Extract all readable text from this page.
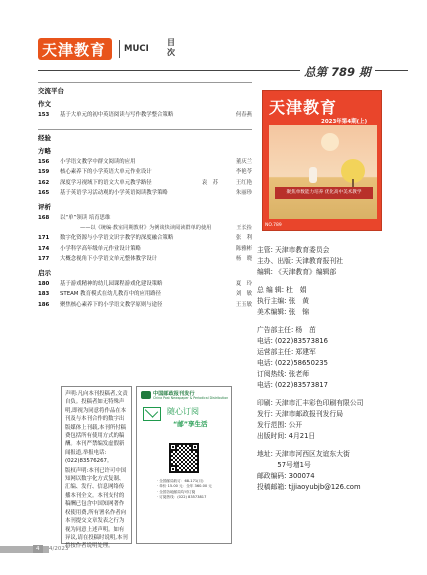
天津教育 MUCI
目
次
总第 789 期
交流平台
作文
153	基于大单元的初中英语阅读与写作教学整合策略	何春燕
经验
方略
156	小学语文教学中群文阅读的应用	董庆兰
159	核心素养下的小学英语大单元作业设计	李艳苓
162	深度学习视域下的语文大单元教学路径	袁　苏	王红艳
165	基于英语学习活动观的小学英语阅读教学策略	朱丽珍
评析
168	以“单”领读 培育思维
——以《统编·教室同期教材》为例谈快读阅读群单的使用	王长捡
171	数字化资源与小学语文识字教学的深度融合策略	张　利
174	小学科学高年级单元作业设计策略	陈雅彬
177	大概念视角下小学语文单元整体教学设计	杨　晓
启示
180	基于游戏精神的幼儿园课程游戏化建设策略	夏　玲
183	STEAM 教育模式在幼儿教育中的应用路径	刘　敏
186	聚焦核心素养下的小学语文教学原则与途径	王玉敏
天津教育
2023年第4期(上)
聚焦单数能力培养 优化高中美术教学
NO.789
主管: 天津市教育委员会
主办、出版: 天津教育报刊社
编辑: 《天津教育》编辑部
总 编 辑: 杜　娟
执行主编: 张　黄
美术编辑: 张　锦
广告部主任: 杨　茁
电话: (022)83573816
运营部主任: 郑建军
电话: (022)58650235
订阅热线: 张老师
电话: (022)83573817
印刷: 天津市汇丰彩色印刷有限公司
发行: 天津市邮政报刊发行局
发行范围: 公开
出版时间: 4月21日
地址: 天津市河西区友谊东大街
　　　57号增1号
邮政编码: 300074
投稿邮箱: tjjiaoyubjb@126.com

声明:凡向本刊投稿者,文责自负。投稿者如无特殊声明,即视为同意将作品在本刊及与本刊合作的数字出版媒体上刊载,本刊所付稿费包括所有使用方式的稿酬。本刊严禁编发虚假新闻报道,举报电话:(022)83576267。

版权声明:本刊已许可中国知网以数字化方式复制、汇编、发行、信息网络传播本刊全文。本刊支付的稿酬已包含中国知网著作权使用费,所有署名作者向本刊提交文章发表之行为视为同意上述声明。如有异议,请在投稿时说明,本刊将按作者说明处理。

中国邮政报刊发行
China Post Newspaper & Periodical Distribution
随心订阅
“邮”享生活
· 全国邮局收订：68-171(月)
· 单价 15.00 元：全年 360.00 元
· 全国各地邮局均可订阅
· 订阅热线：(022) 83573817
4	4/2023
